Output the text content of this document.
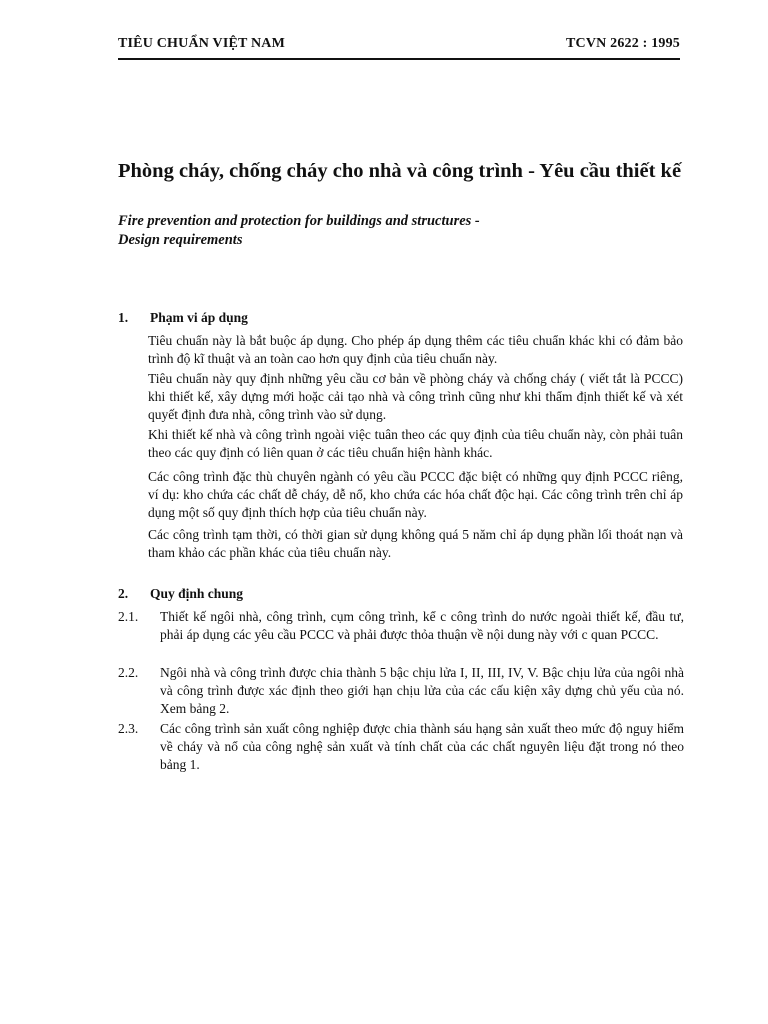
TIÊU CHUẨN VIỆT NAM	TCVN 2622 : 1995
Phòng cháy, chống cháy cho nhà và công trình - Yêu cầu thiết kế
Fire prevention and protection for buildings and structures -
Design requirements
1.	Phạm vi áp dụng
Tiêu chuẩn này là bắt buộc áp dụng. Cho phép áp dụng thêm các tiêu chuẩn khác khi có đảm bảo trình độ kĩ thuật và an toàn cao hơn quy định của tiêu chuẩn này.
Tiêu chuẩn này quy định những yêu cầu cơ bản về phòng cháy và chống cháy ( viết tắt là PCCC) khi thiết kế, xây dựng mới hoặc cải tạo nhà và công trình cũng như khi thẩm định thiết kế và xét quyết định đưa nhà, công trình vào sử dụng.
Khi thiết kế nhà và công trình ngoài việc tuân theo các quy định của tiêu chuẩn này, còn phải tuân theo các quy định có liên quan ở các tiêu chuẩn hiện hành khác.
Các công trình đặc thù chuyên ngành có yêu cầu PCCC đặc biệt có những quy định PCCC riêng, ví dụ: kho chứa các chất dễ cháy, dễ nổ, kho chứa các hóa chất độc hại. Các công trình trên chỉ áp dụng một số quy định thích hợp của tiêu chuẩn này.
Các công trình tạm thời, có thời gian sử dụng không quá 5 năm chỉ áp dụng phần lối thoát nạn và tham khảo các phần khác của tiêu chuẩn này.
2.	Quy định chung
2.1.	Thiết kế ngôi nhà, công trình, cụm công trình, kể c công trình do nước ngoài thiết kế, đầu tư, phải áp dụng các yêu cầu PCCC và phải được thỏa thuận về nội dung này với c quan PCCC.
2.2.	Ngôi nhà và công trình được chia thành 5 bậc chịu lửa I, II, III, IV, V. Bậc chịu lửa của ngôi nhà và công trình được xác định theo giới hạn chịu lửa của các cấu kiện xây dựng chủ yếu của nó. Xem bảng 2.
2.3.	Các công trình sản xuất công nghiệp được chia thành sáu hạng sản xuất theo mức độ nguy hiểm về cháy và nổ của công nghệ sản xuất và tính chất của các chất nguyên liệu đặt trong nó theo bảng 1.
